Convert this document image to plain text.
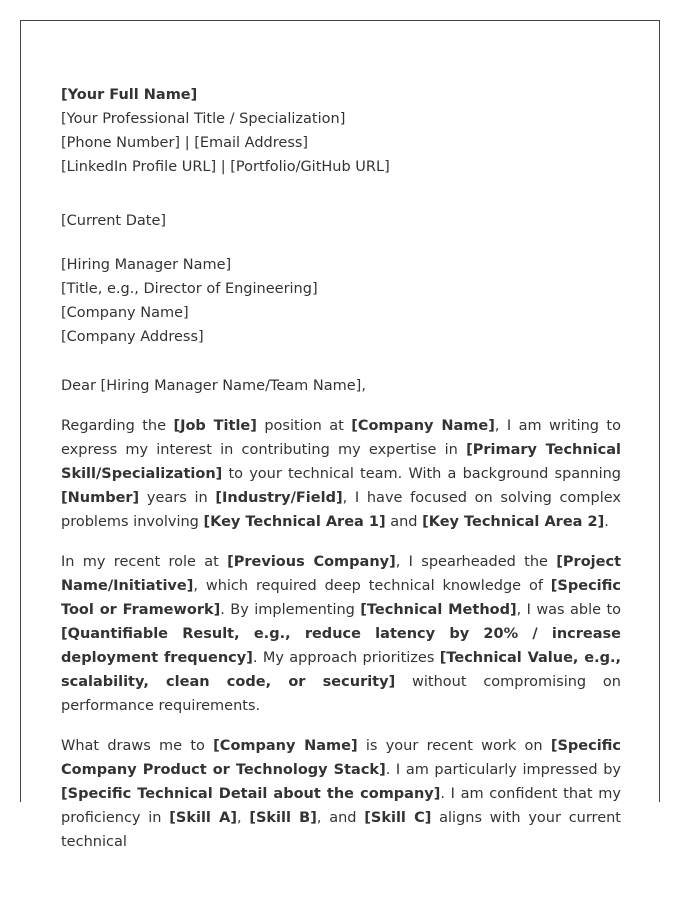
[Your Full Name]
[Your Professional Title / Specialization]
[Phone Number] | [Email Address]
[LinkedIn Profile URL] | [Portfolio/GitHub URL]
[Current Date]
[Hiring Manager Name]
[Title, e.g., Director of Engineering]
[Company Name]
[Company Address]

Dear [Hiring Manager Name/Team Name],

Regarding the [Job Title] position at [Company Name], I am writing to express my interest in contributing my expertise in [Primary Technical Skill/Specialization] to your technical team. With a background spanning [Number] years in [Industry/Field], I have focused on solving complex problems involving [Key Technical Area 1] and [Key Technical Area 2].

In my recent role at [Previous Company], I spearheaded the [Project Name/Initiative], which required deep technical knowledge of [Specific Tool or Framework]. By implementing [Technical Method], I was able to [Quantifiable Result, e.g., reduce latency by 20% / increase deployment frequency]. My approach prioritizes [Technical Value, e.g., scalability, clean code, or security] without compromising on performance requirements.

What draws me to [Company Name] is your recent work on [Specific Company Product or Technology Stack]. I am particularly impressed by [Specific Technical Detail about the company]. I am confident that my proficiency in [Skill A], [Skill B], and [Skill C] aligns with your current technical
